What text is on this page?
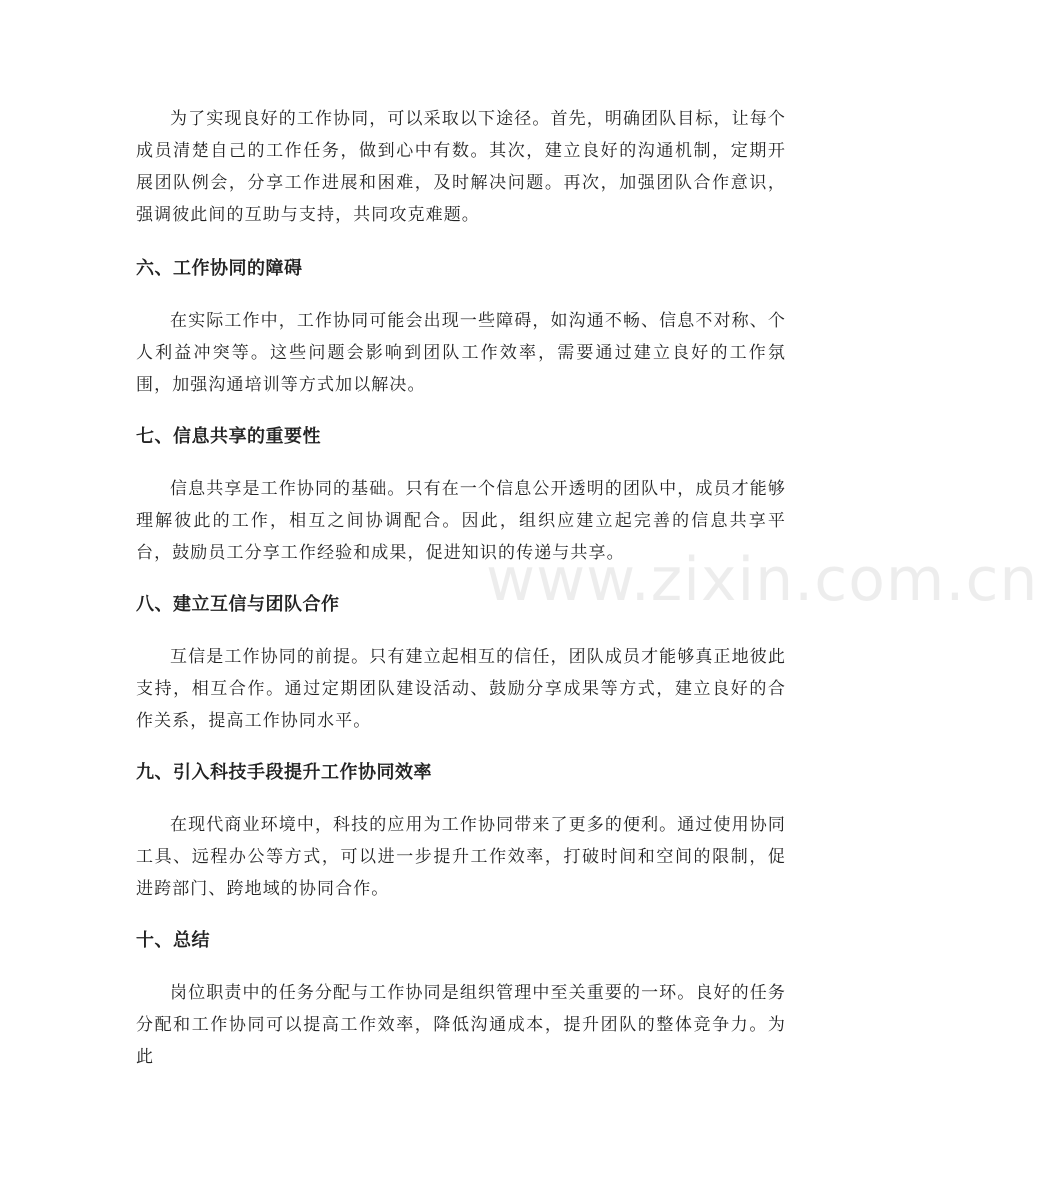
www.zixin.com.cn

为了实现良好的工作协同，可以采取以下途径。首先，明确团队目标，让每个成员清楚自己的工作任务，做到心中有数。其次，建立良好的沟通机制，定期开展团队例会，分享工作进展和困难，及时解决问题。再次，加强团队合作意识，强调彼此间的互助与支持，共同攻克难题。

六、工作协同的障碍

在实际工作中，工作协同可能会出现一些障碍，如沟通不畅、信息不对称、个人利益冲突等。这些问题会影响到团队工作效率，需要通过建立良好的工作氛围，加强沟通培训等方式加以解决。

七、信息共享的重要性

信息共享是工作协同的基础。只有在一个信息公开透明的团队中，成员才能够理解彼此的工作，相互之间协调配合。因此，组织应建立起完善的信息共享平台，鼓励员工分享工作经验和成果，促进知识的传递与共享。

八、建立互信与团队合作

互信是工作协同的前提。只有建立起相互的信任，团队成员才能够真正地彼此支持，相互合作。通过定期团队建设活动、鼓励分享成果等方式，建立良好的合作关系，提高工作协同水平。

九、引入科技手段提升工作协同效率

在现代商业环境中，科技的应用为工作协同带来了更多的便利。通过使用协同工具、远程办公等方式，可以进一步提升工作效率，打破时间和空间的限制，促进跨部门、跨地域的协同合作。

十、总结

岗位职责中的任务分配与工作协同是组织管理中至关重要的一环。良好的任务分配和工作协同可以提高工作效率，降低沟通成本，提升团队的整体竞争力。为此
